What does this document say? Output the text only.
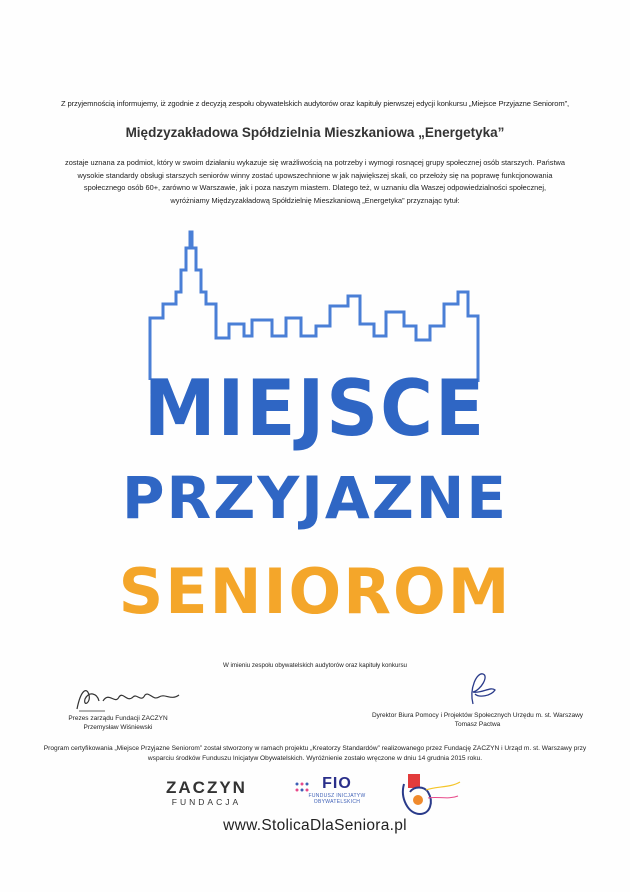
Z przyjemnością informujemy, iż zgodnie z decyzją zespołu obywatelskich audytorów oraz kapituły pierwszej edycji konkursu „Miejsce Przyjazne Seniorom”,
Międzyzakładowa Spółdzielnia Mieszkaniowa „Energetyka”
zostaje uznana za podmiot, który w swoim działaniu wykazuje się wrażliwością na potrzeby i wymogi rosnącej grupy społecznej osób starszych. Państwa
wysokie standardy obsługi starszych seniorów winny zostać upowszechnione w jak największej skali, co przełoży się na poprawę funkcjonowania
społecznego osób 60+, zarówno w Warszawie, jak i poza naszym miastem. Dlatego też, w uznaniu dla Waszej odpowiedzialności społecznej,
wyróżniamy Międzyzakładową Spółdzielnię Mieszkaniową „Energetyka” przyznając tytuł:
MIEJSCE
PRZYJAZNE
SENIOROM
W imieniu zespołu obywatelskich audytorów oraz kapituły konkursu
Prezes zarządu Fundacji ZACZYN
Przemysław Wiśniewski
Dyrektor Biura Pomocy i Projektów Społecznych Urzędu m. st. Warszawy
Tomasz Pactwa
Program certyfikowania „Miejsce Przyjazne Seniorom” został stworzony w ramach projektu „Kreatorzy Standardów” realizowanego przez Fundację ZACZYN i Urząd m. st. Warszawy przy
wsparciu środków Funduszu Inicjatyw Obywatelskich. Wyróżnienie zostało wręczone w dniu 14 grudnia 2015 roku.
ZACZYN
FUNDACJA
FIO
FUNDUSZ INICJATYW OBYWATELSKICH
www.StolicaDlaSeniora.pl
